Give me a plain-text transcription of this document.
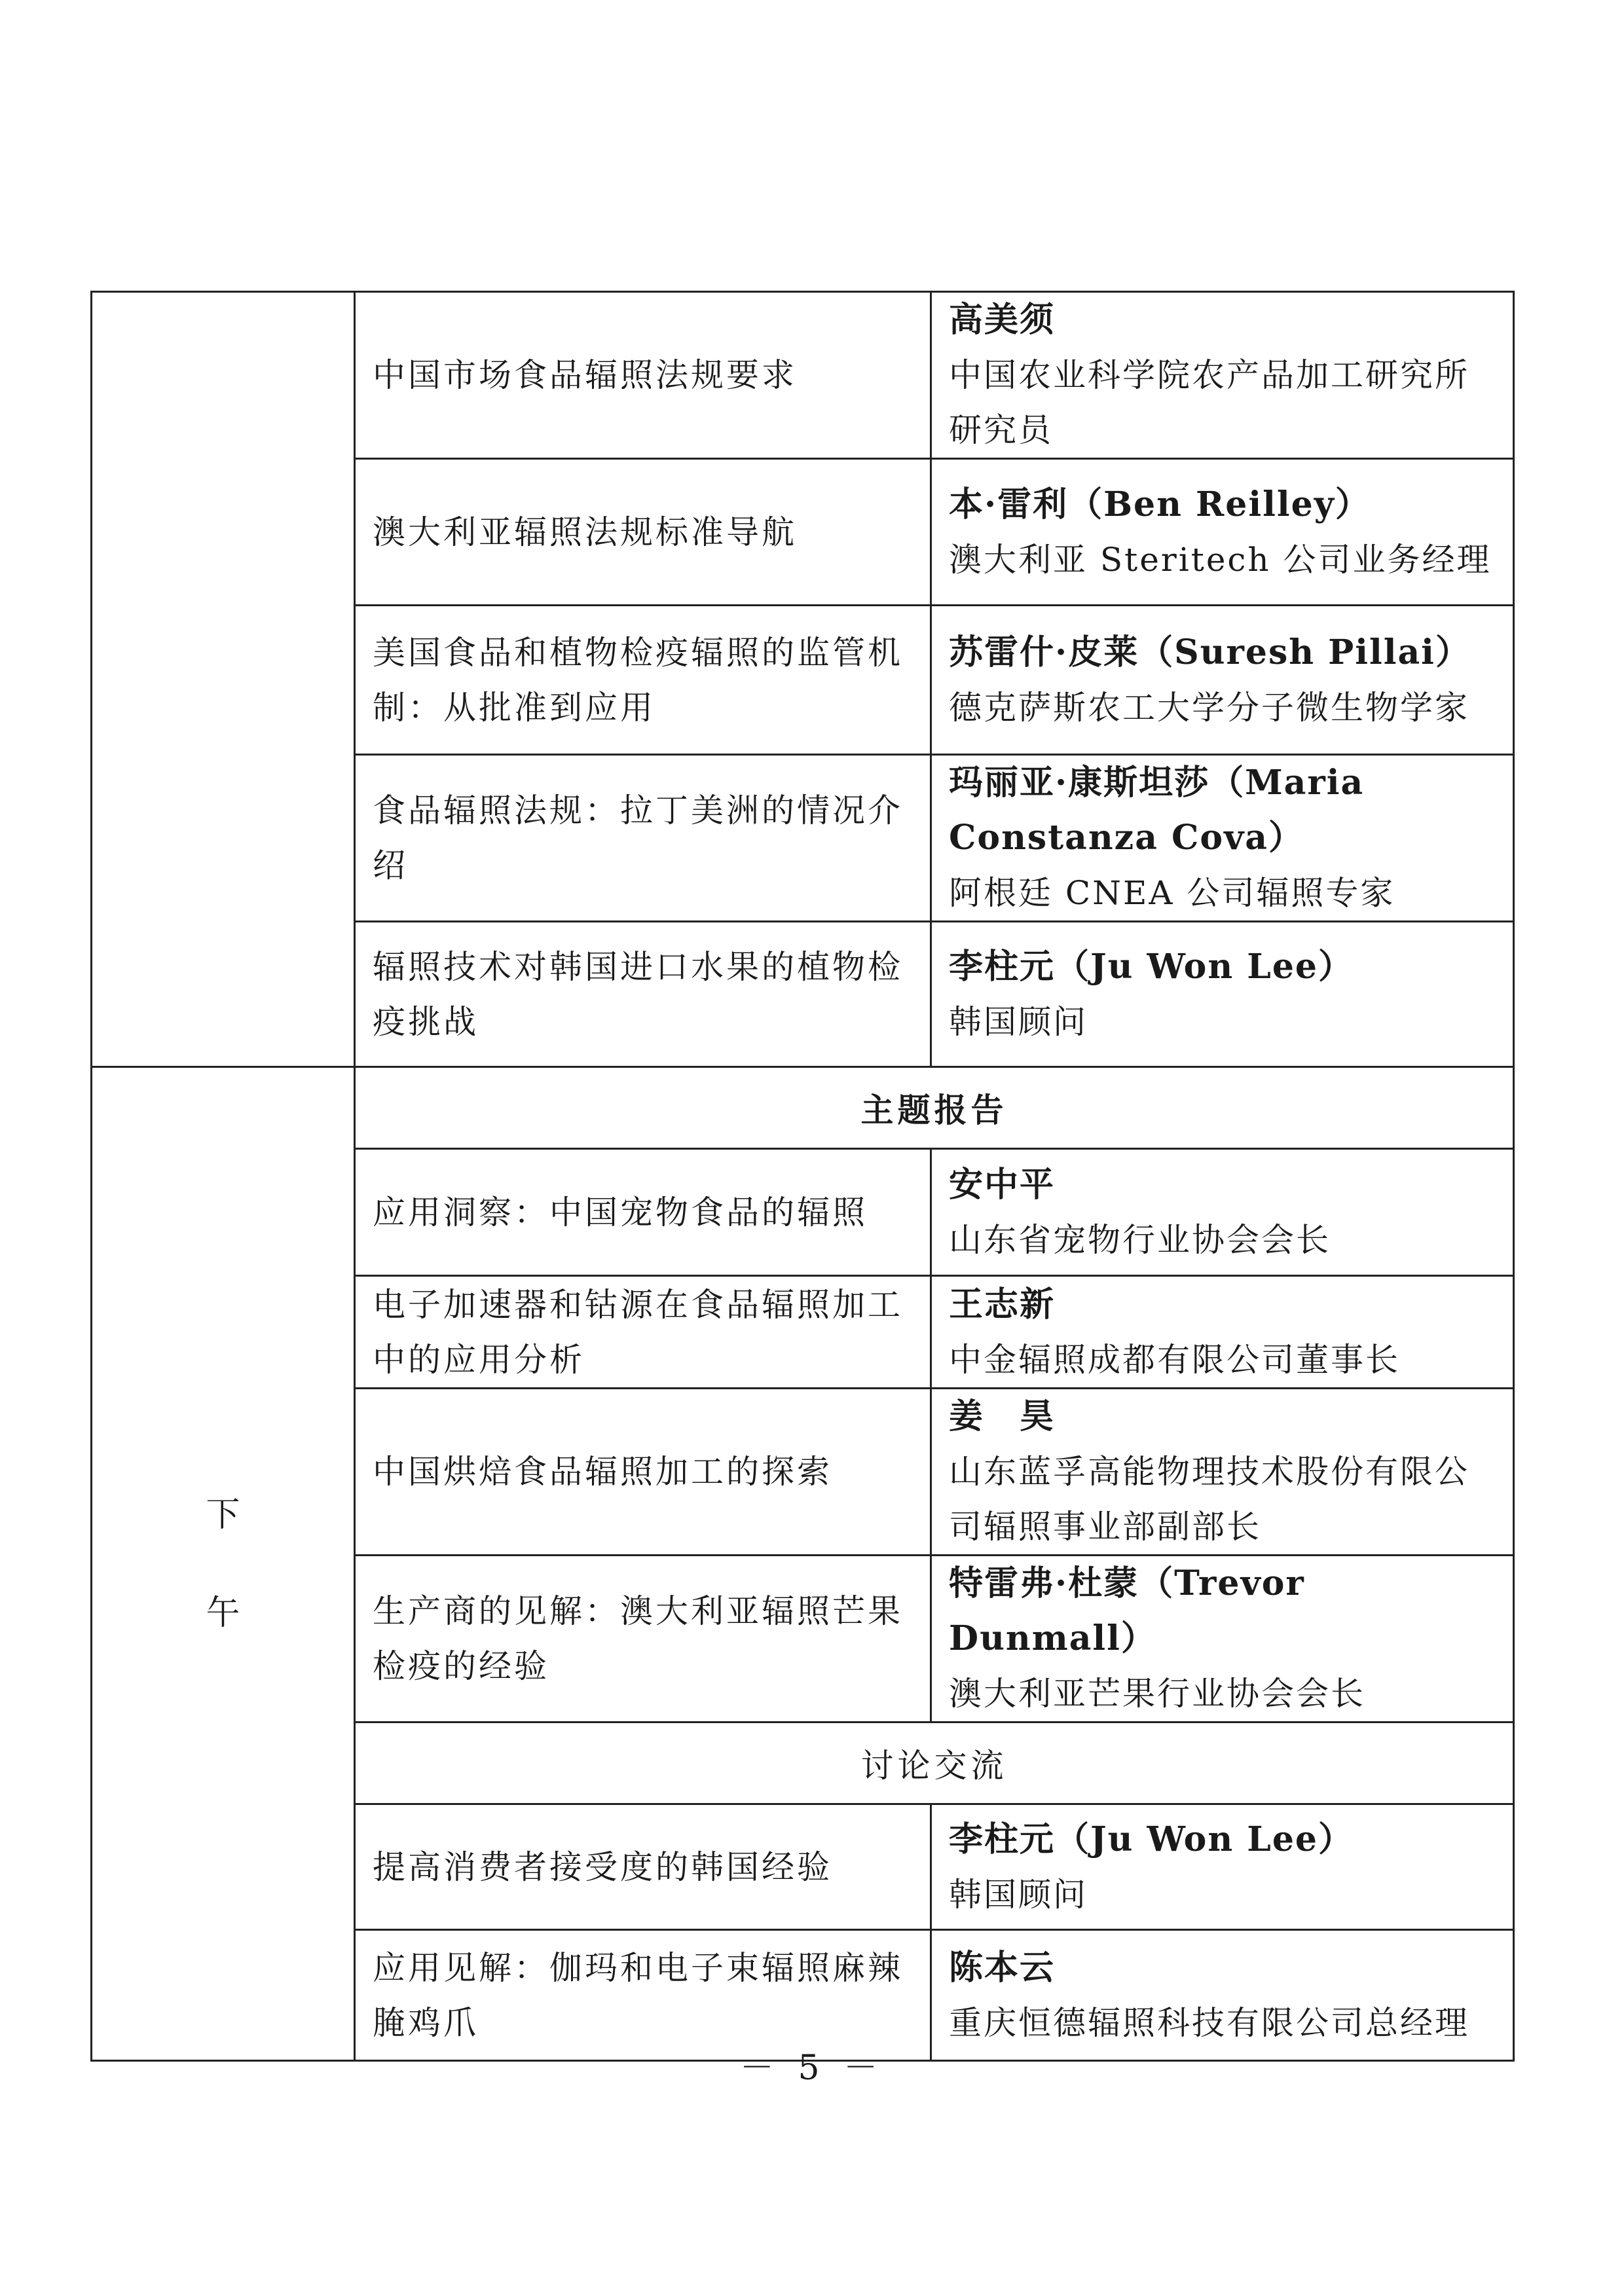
	中国市场食品辐照法规要求	高美须
中国农业科学院农产品加工研究所研究员

	澳大利亚辐照法规标准导航	本·雷利（Ben Reilley）
澳大利亚 Steritech 公司业务经理

	美国食品和植物检疫辐照的监管机制：从批准到应用	苏雷什·皮莱（Suresh Pillai）
德克萨斯农工大学分子微生物学家

	食品辐照法规：拉丁美洲的情况介绍	玛丽亚·康斯坦莎（Maria Constanza Cova）
阿根廷 CNEA 公司辐照专家

	辐照技术对韩国进口水果的植物检疫挑战	李柱元（Ju Won Lee）
韩国顾问

下
午	主题报告	
	应用洞察：中国宠物食品的辐照	安中平
山东省宠物行业协会会长

	电子加速器和钴源在食品辐照加工中的应用分析	王志新
中金辐照成都有限公司董事长

	中国烘焙食品辐照加工的探索	姜　昊
山东蓝孚高能物理技术股份有限公司辐照事业部副部长

	生产商的见解：澳大利亚辐照芒果检疫的经验	特雷弗·杜蒙（Trevor Dunmall）
澳大利亚芒果行业协会会长

	讨论交流	
	提高消费者接受度的韩国经验	李柱元（Ju Won Lee）
韩国顾问

	应用见解：伽玛和电子束辐照麻辣腌鸡爪	陈本云
重庆恒德辐照科技有限公司总经理
－ 5 －
